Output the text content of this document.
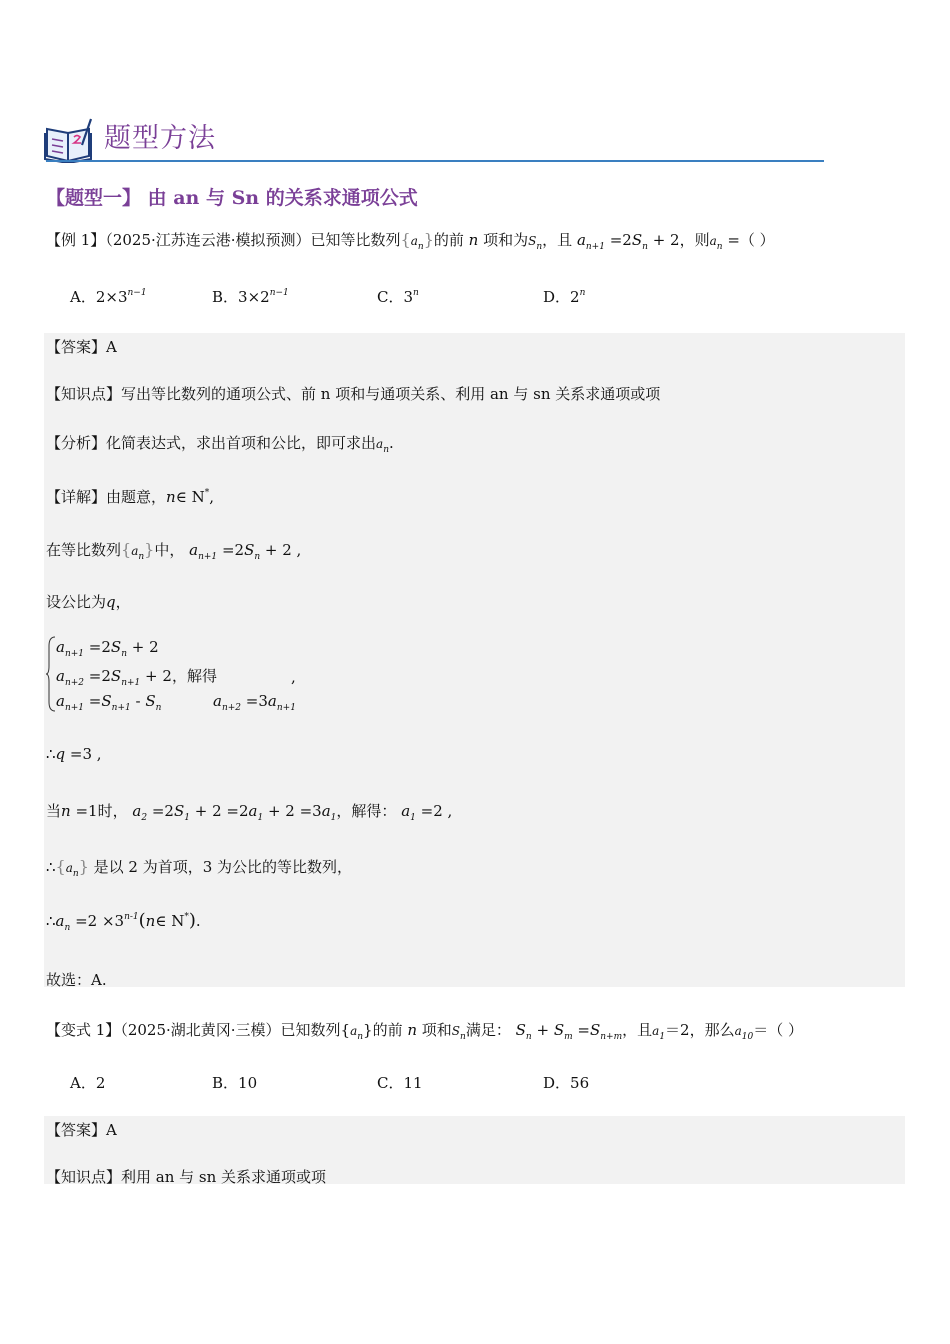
题型方法
【题型一】 由 an 与 Sn 的关系求通项公式
【例 1】（2025·江苏连云港·模拟预测）已知等比数列$\{a_n\}$的前 n 项和为$S_n$，且 $a_{n+1} =2S_n + 2$，则$a_n$ =（ ）
A．$2\times 3^{n-1}$	B．$3\times 2^{n-1}$	C．3$^n$	D．2$^n$
【答案】A
【知识点】写出等比数列的通项公式、前 n 项和与通项关系、利用 an 与 sn 关系求通项或项
【分析】化简表达式，求出首项和公比，即可求出$a_n$.
【详解】由题意，n∈ N*,
在等比数列$\{a_n\}$中， $a_{n+1} =2S_n + 2$ ,
设公比为q，
$a_{n+1} =2S_n + 2$
$a_{n+2} =2S_{n+1} + 2$，解得
$a_{n+1} =S_{n+1} - S_n$	$a_{n+2} =3a_{n+1}$
,
∴q =3 ,
当n =1时， $a_2 =2S_1 + 2 =2a_1 + 2 =3a_1$，解得： $a_1 =2$ ,
$\therefore\{a_n\}$ 是以 2 为首项，3 为公比的等比数列，
$\therefore a_n =2$ $\times 3^{n-1}(n\in$ N*).
故选：A.
【变式 1】（2025·湖北黄冈·三模）已知数列$\{a_n\}$的前 n 项和$S_n$满足： $S_n + S_m =S_{n+m}$，且$a_1=2$，那么$a_{10}=$（ ）
A．2	B．10	C．11	D．56
【答案】A
【知识点】利用 an 与 sn 关系求通项或项
